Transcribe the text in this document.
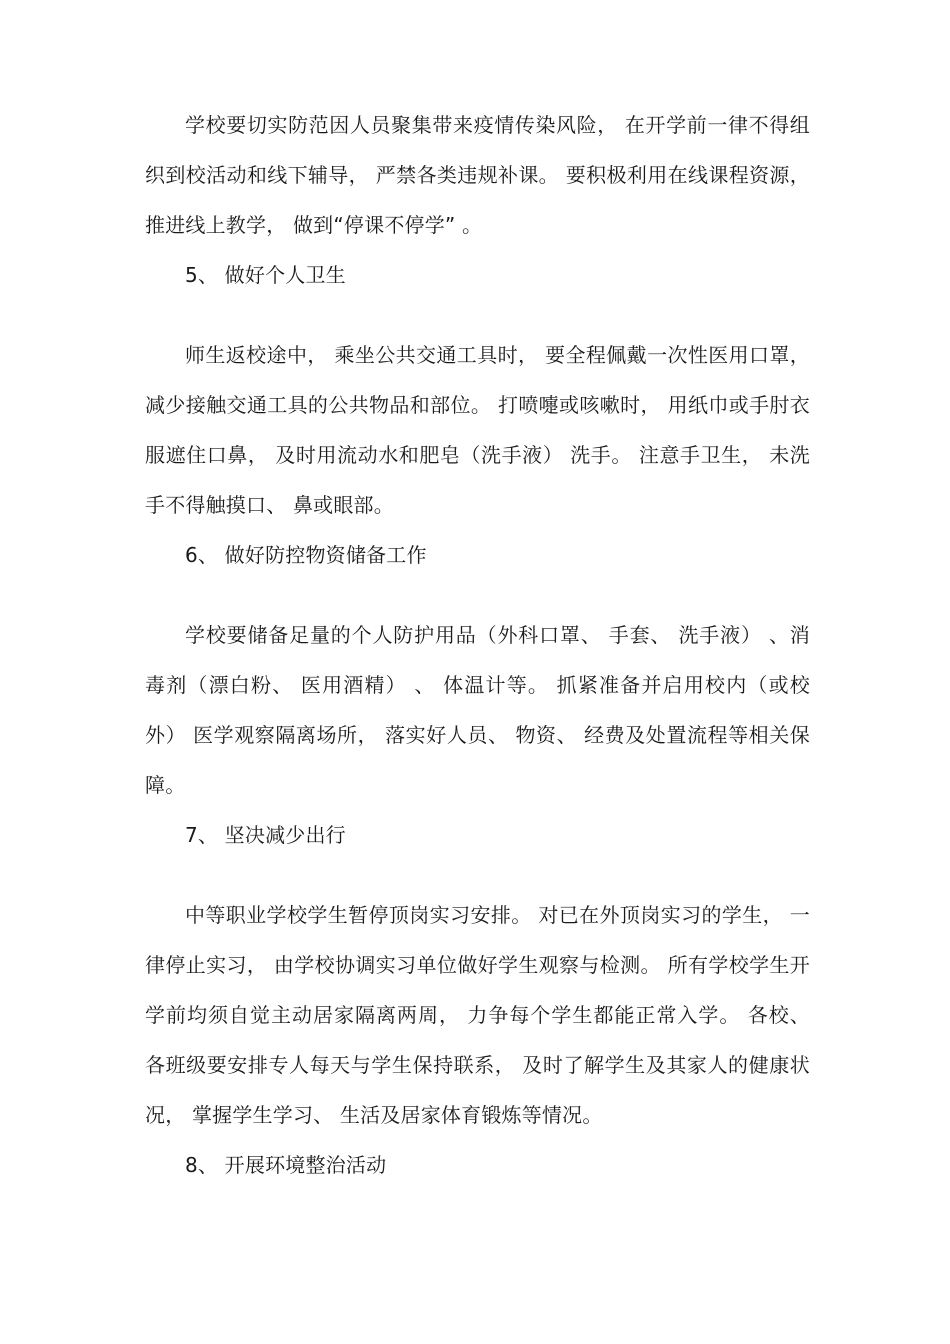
学校要切实防范因人员聚集带来疫情传染风险， 在开学前一律不得组织到校活动和线下辅导， 严禁各类违规补课。 要积极利用在线课程资源， 推进线上教学， 做到“停课不停学” 。

5、 做好个人卫生

师生返校途中， 乘坐公共交通工具时， 要全程佩戴一次性医用口罩， 减少接触交通工具的公共物品和部位。 打喷嚏或咳嗽时， 用纸巾或手肘衣服遮住口鼻， 及时用流动水和肥皂（洗手液） 洗手。 注意手卫生， 未洗手不得触摸口、 鼻或眼部。

6、 做好防控物资储备工作

学校要储备足量的个人防护用品（外科口罩、 手套、 洗手液） 、消毒剂（漂白粉、 医用酒精） 、 体温计等。 抓紧准备并启用校内（或校外） 医学观察隔离场所， 落实好人员、 物资、 经费及处置流程等相关保障。

7、 坚决减少出行

中等职业学校学生暂停顶岗实习安排。 对已在外顶岗实习的学生， 一律停止实习， 由学校协调实习单位做好学生观察与检测。 所有学校学生开学前均须自觉主动居家隔离两周， 力争每个学生都能正常入学。 各校、 各班级要安排专人每天与学生保持联系， 及时了解学生及其家人的健康状况， 掌握学生学习、 生活及居家体育锻炼等情况。

8、 开展环境整治活动
